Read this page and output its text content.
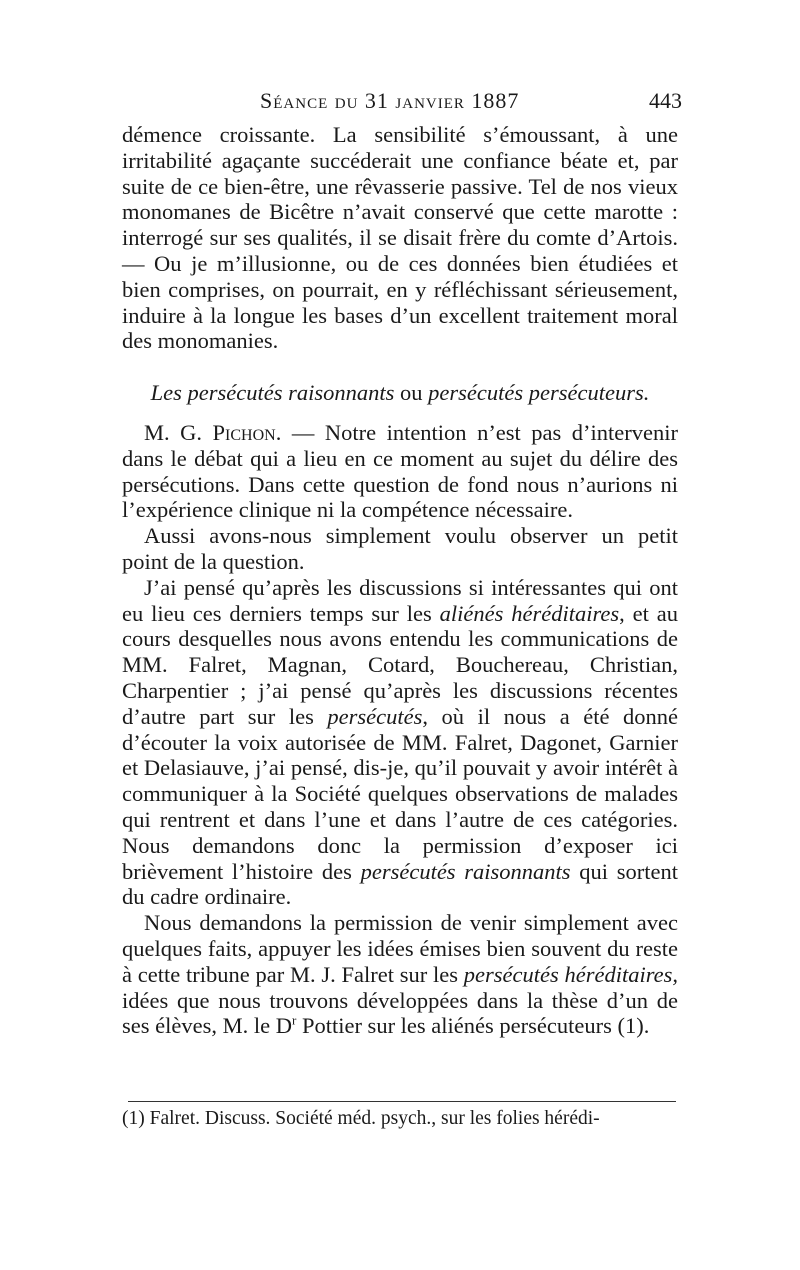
Séance du 31 janvier 1887	443

démence croissante. La sensibilité s’émoussant, à une irritabilité agaçante succéderait une confiance béate et, par suite de ce bien-être, une rêvasserie passive. Tel de nos vieux monomanes de Bicêtre n’avait conservé que cette marotte : interrogé sur ses qualités, il se disait frère du comte d’Artois. — Ou je m’illusionne, ou de ces données bien étudiées et bien comprises, on pourrait, en y réfléchissant sérieusement, induire à la longue les bases d’un excellent traitement moral des monomanies.

Les persécutés raisonnants ou persécutés persécuteurs.

M. G. Pichon. — Notre intention n’est pas d’intervenir dans le débat qui a lieu en ce moment au sujet du délire des persécutions. Dans cette question de fond nous n’aurions ni l’expérience clinique ni la compétence nécessaire.

Aussi avons-nous simplement voulu observer un petit point de la question.

J’ai pensé qu’après les discussions si intéressantes qui ont eu lieu ces derniers temps sur les aliénés héréditaires, et au cours desquelles nous avons entendu les communications de MM. Falret, Magnan, Cotard, Bouchereau, Christian, Charpentier ; j’ai pensé qu’après les discussions récentes d’autre part sur les persécutés, où il nous a été donné d’écouter la voix autorisée de MM. Falret, Dagonet, Garnier et Delasiauve, j’ai pensé, dis-je, qu’il pouvait y avoir intérêt à communiquer à la Société quelques observations de malades qui rentrent et dans l’une et dans l’autre de ces catégories. Nous demandons donc la permission d’exposer ici brièvement l’histoire des persécutés raisonnants qui sortent du cadre ordinaire.

Nous demandons la permission de venir simplement avec quelques faits, appuyer les idées émises bien souvent du reste à cette tribune par M. J. Falret sur les persécutés héréditaires, idées que nous trouvons développées dans la thèse d’un de ses élèves, M. le $D^r$ Pottier sur les aliénés persécuteurs (1).

(1) Falret. Discuss. Société méd. psych., sur les folies hérédi-
